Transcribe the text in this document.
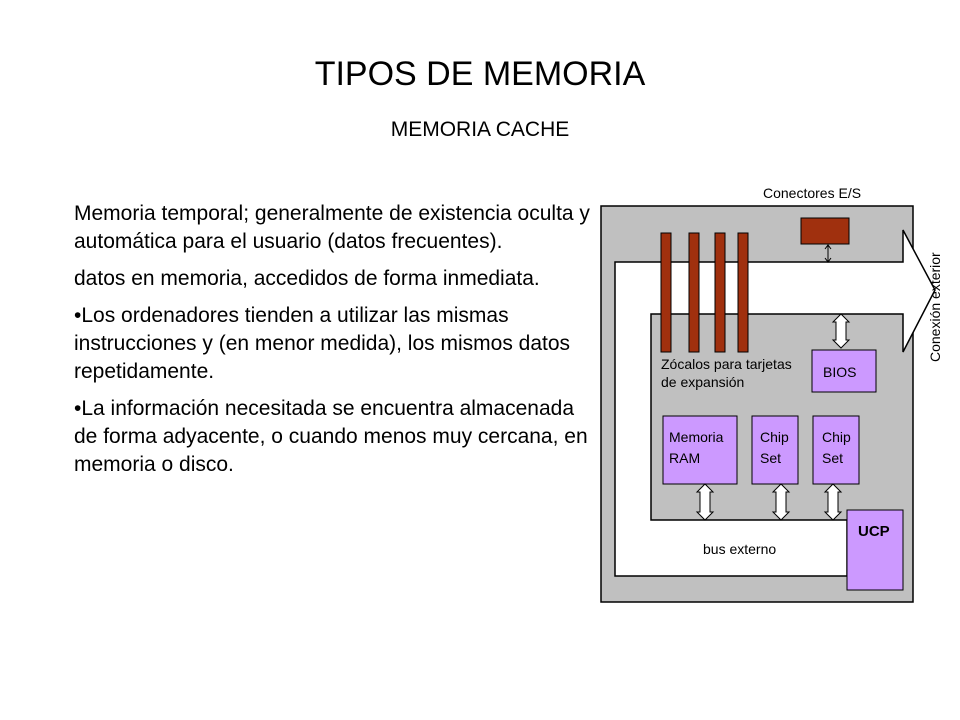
TIPOS DE MEMORIA
MEMORIA CACHE

Memoria temporal; generalmente de existencia oculta y automática para el usuario (datos frecuentes).

datos en memoria, accedidos de forma inmediata.

•Los ordenadores tienden a utilizar las mismas instrucciones y (en menor medida), los mismos datos repetidamente.

•La información necesitada se encuentra almacenada de forma adyacente, o cuando menos muy cercana, en memoria o disco.

BIOS
Zócalos para tarjetas
de expansión
Memoria
RAM
Chip
Set
Chip
Set
UCP
bus externo
Conectores E/S
Conexión exterior
